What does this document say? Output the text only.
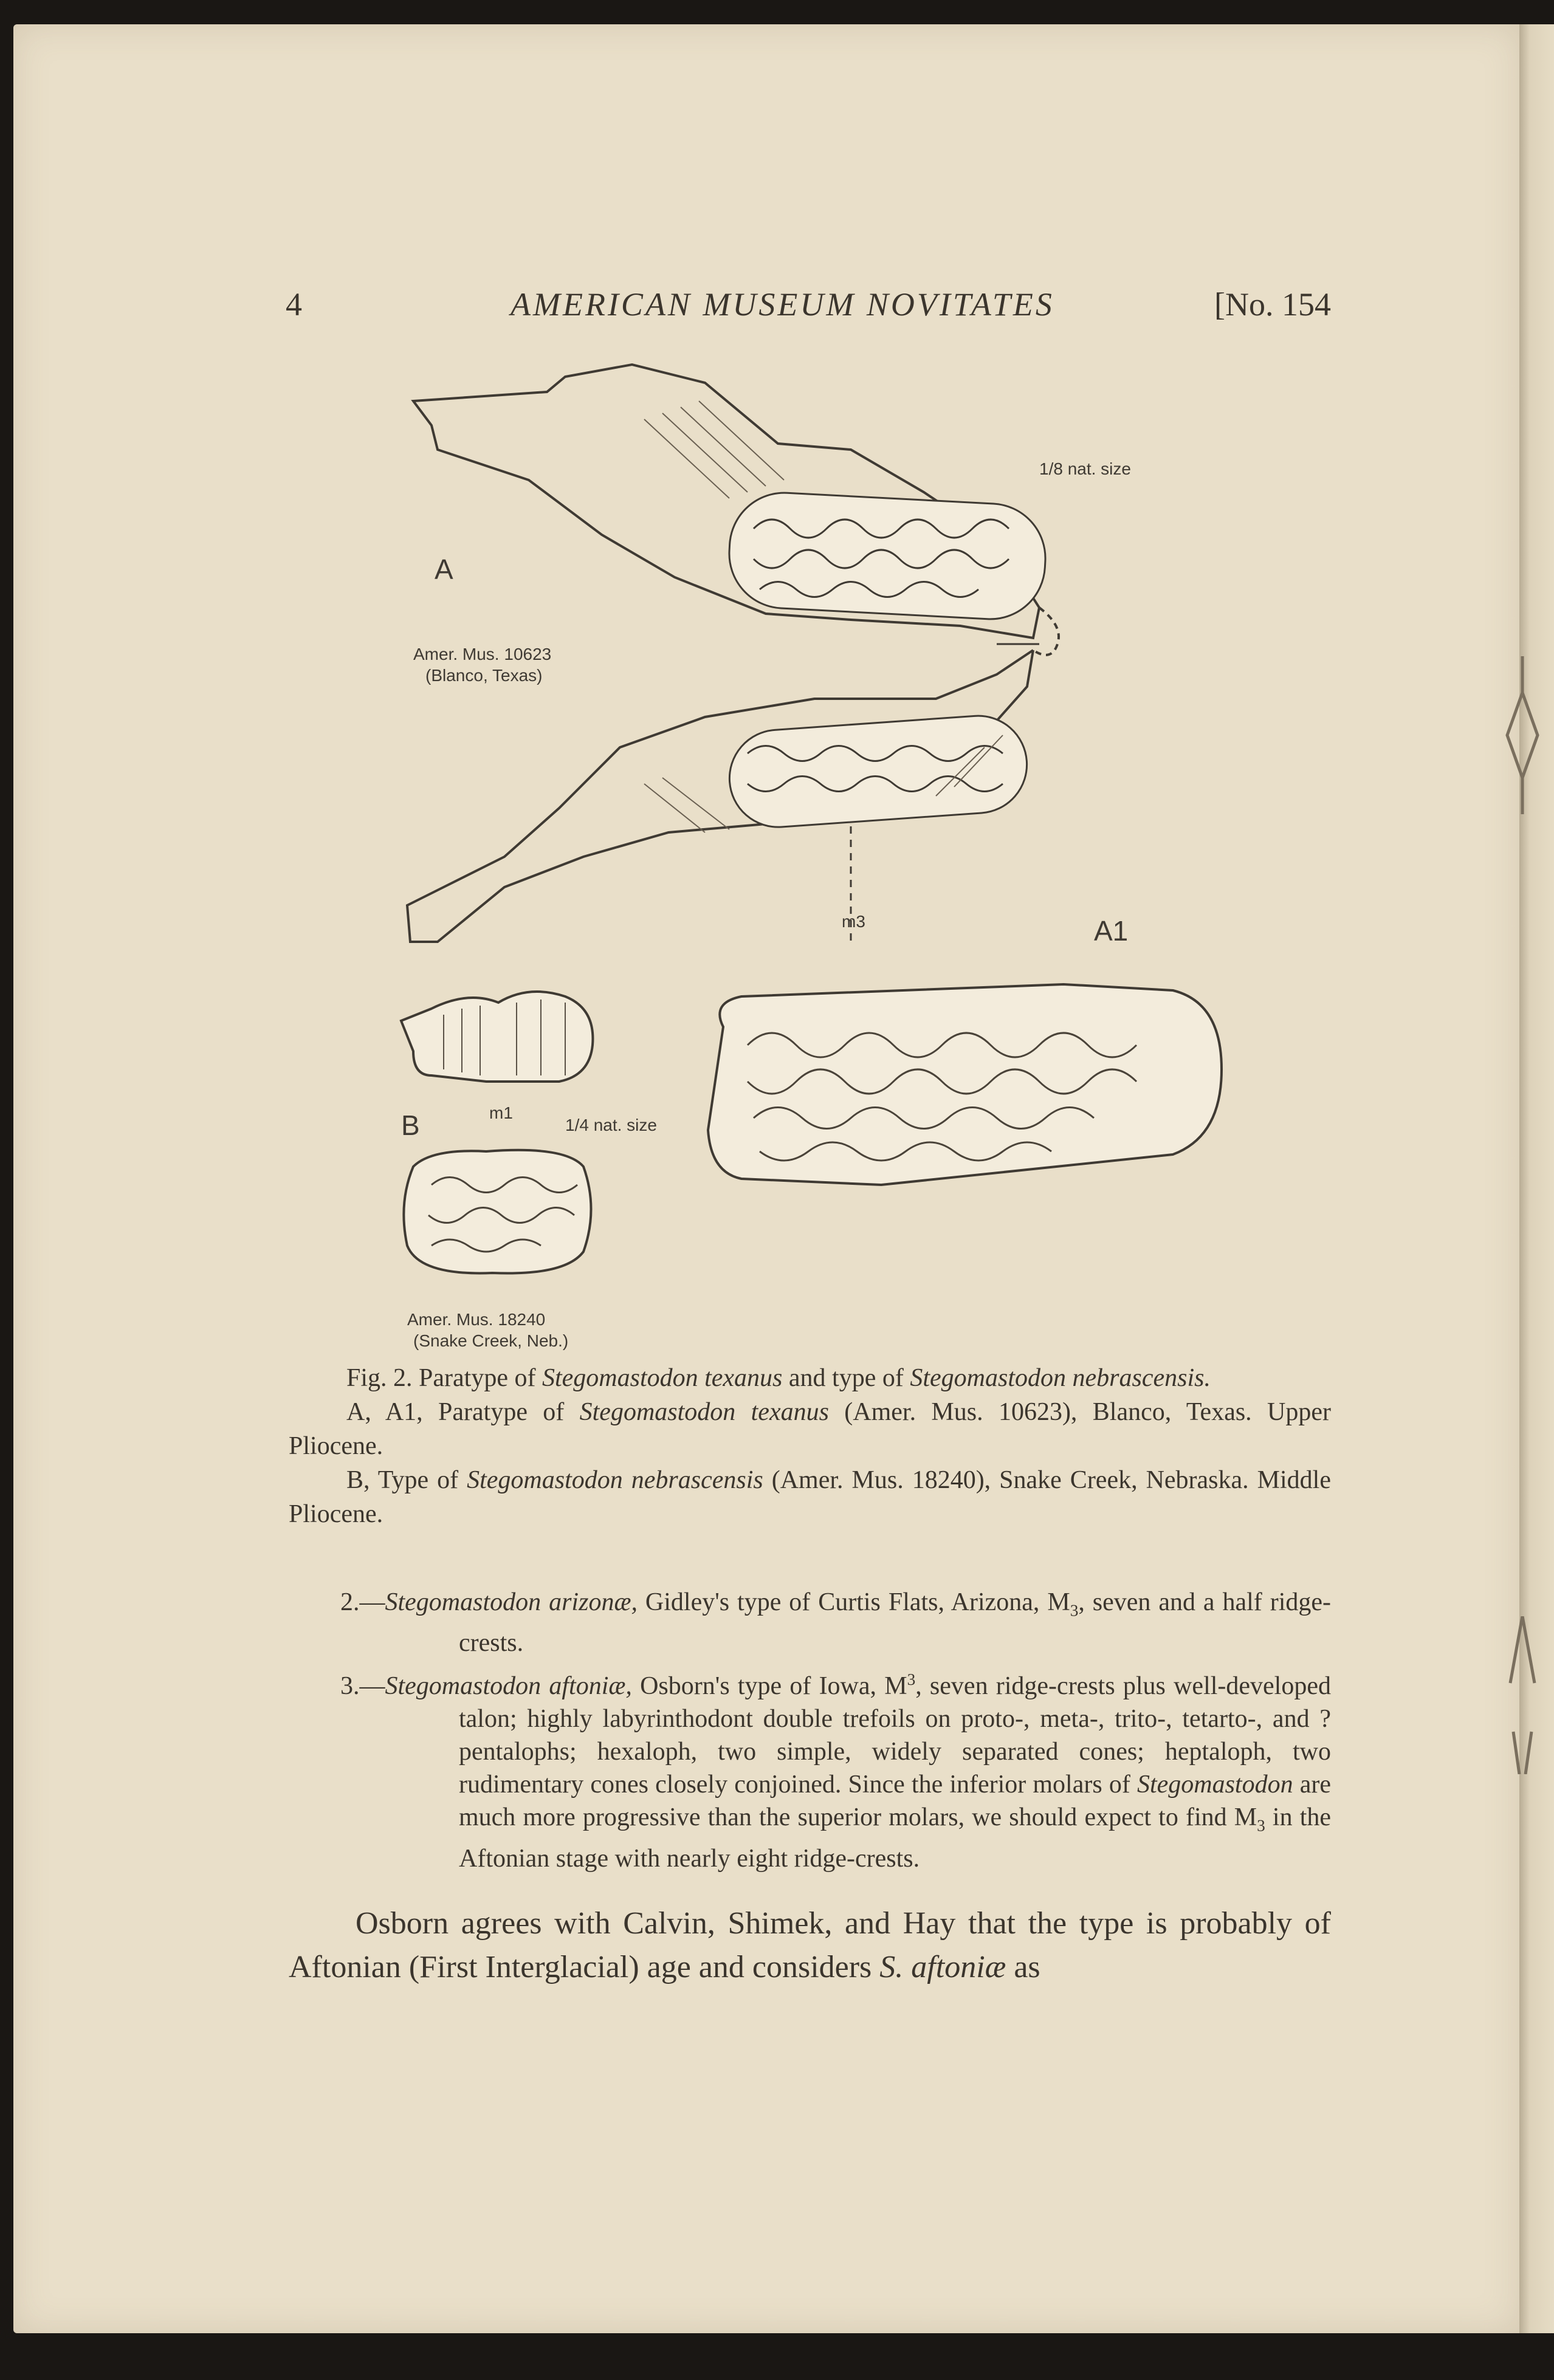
4	AMERICAN MUSEUM NOVITATES	[No. 154
A
1/8 nat. size
Amer. Mus. 10623
(Blanco, Texas)
m3	A1
B	m1
1/4 nat. size
Amer. Mus. 18240
(Snake Creek, Neb.)

Fig. 2. Paratype of Stegomastodon texanus and type of Stegomastodon nebrascensis.

A, A1, Paratype of Stegomastodon texanus (Amer. Mus. 10623), Blanco, Texas. Upper Pliocene.

B, Type of Stegomastodon nebrascensis (Amer. Mus. 18240), Snake Creek, Nebraska. Middle Pliocene.

2.—Stegomastodon arizonæ, Gidley's type of Curtis Flats, Arizona, $M_3$, seven and a half ridge-crests.

3.—Stegomastodon aftoniæ, Osborn's type of Iowa, $M^3$, seven ridge-crests plus well-developed talon; highly labyrinthodont double trefoils on proto-, meta-, trito-, tetarto-, and ?pentalophs; hexaloph, two simple, widely separated cones; heptaloph, two rudimentary cones closely conjoined. Since the inferior molars of Stegomastodon are much more progressive than the superior molars, we should expect to find $M_3$ in the Aftonian stage with nearly eight ridge-crests.

Osborn agrees with Calvin, Shimek, and Hay that the type is probably of Aftonian (First Interglacial) age and considers S. aftoniæ as
